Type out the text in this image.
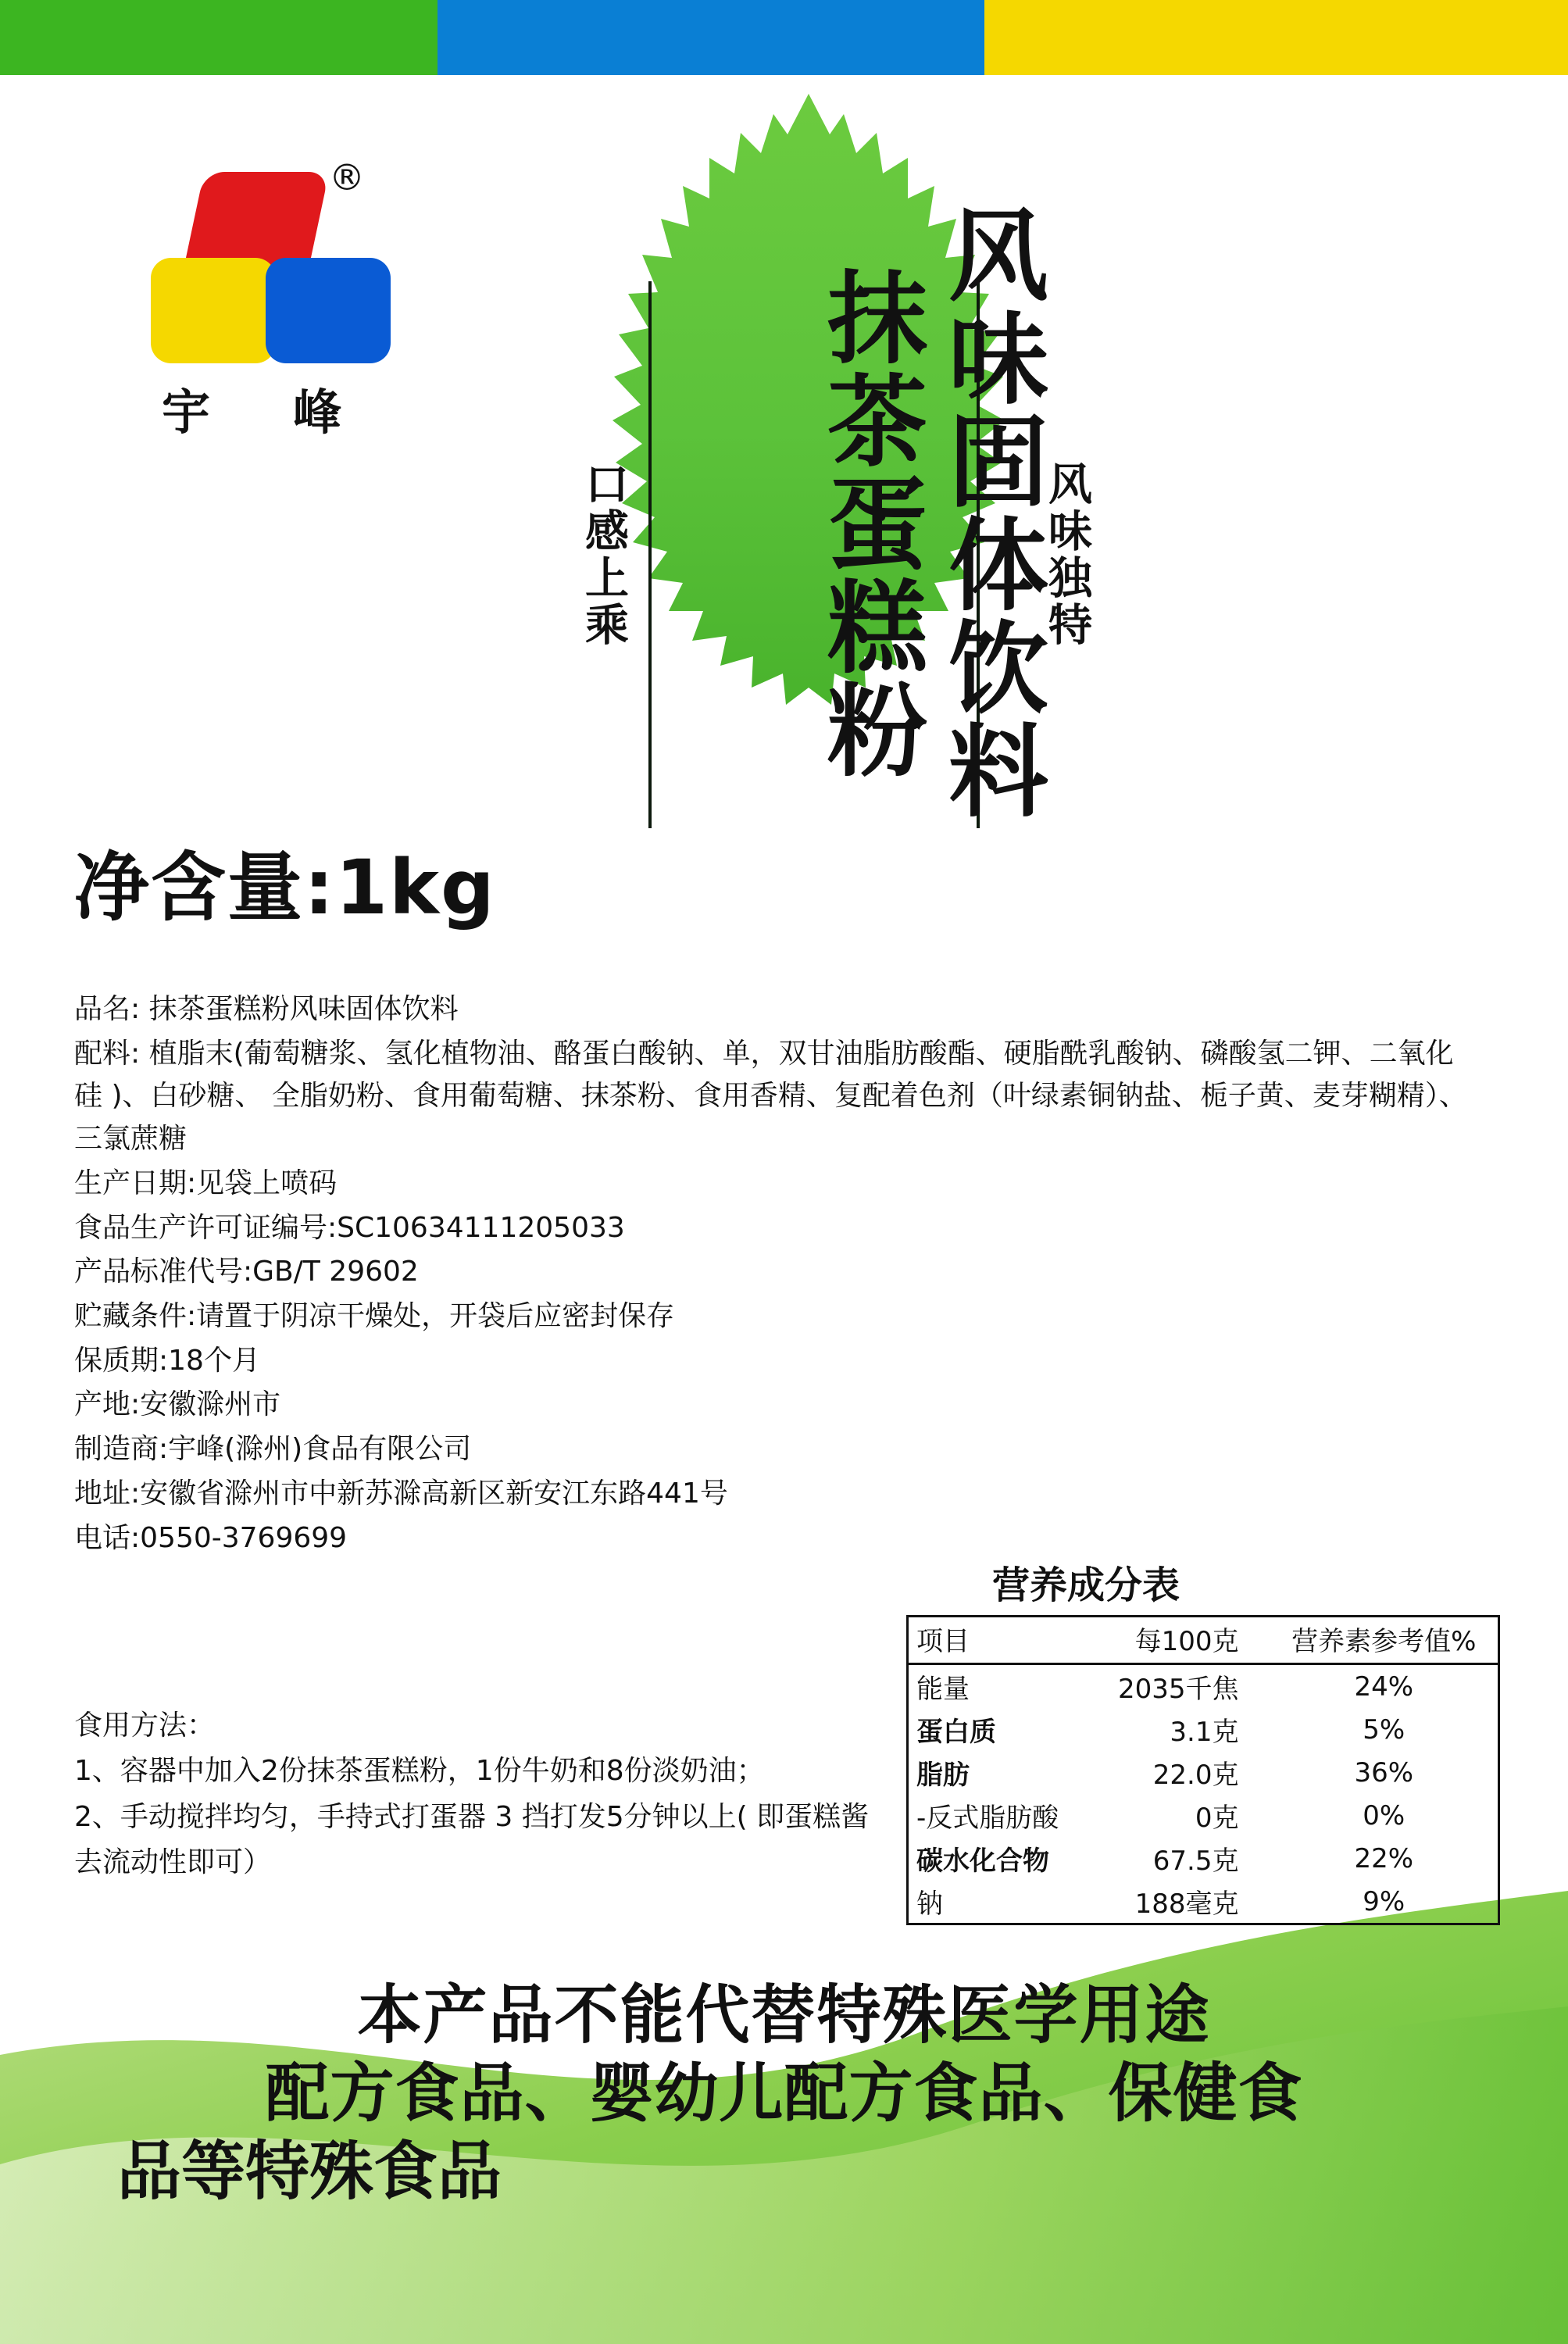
®
宇 峰	风味固体饮料
抹茶蛋糕粉
口感上乘	风味独特
净含量:1kg
品名: 抹茶蛋糕粉风味固体饮料
配料: 植脂末(葡萄糖浆、氢化植物油、酪蛋白酸钠、单，双甘油脂肪酸酯、硬脂酰乳酸钠、磷酸氢二钾、二氧化硅 )、白砂糖、 全脂奶粉、食用葡萄糖、抹茶粉、食用香精、复配着色剂（叶绿素铜钠盐、栀子黄、麦芽糊精）、三氯蔗糖
生产日期:见袋上喷码
食品生产许可证编号:SC10634111205033
产品标准代号:GB/T 29602
贮藏条件:请置于阴凉干燥处，开袋后应密封保存
保质期:18个月
产地:安徽滁州市
制造商:宇峰(滁州)食品有限公司
地址:安徽省滁州市中新苏滁高新区新安江东路441号
电话:0550-3769699
食用方法：
1、容器中加入2份抹茶蛋糕粉，1份牛奶和8份淡奶油；
2、手动搅拌均匀，手持式打蛋器 3 挡打发5分钟以上( 即蛋糕酱去流动性即可）
营养成分表
项目	每100克	营养素参考值%
能量	2035千焦	24%
蛋白质	3.1克	5%
脂肪	22.0克	36%
-反式脂肪酸	0克	0%
碳水化合物	67.5克	22%
钠	188毫克	9%
本产品不能代替特殊医学用途
配方食品、婴幼儿配方食品、保健食
品等特殊食品
